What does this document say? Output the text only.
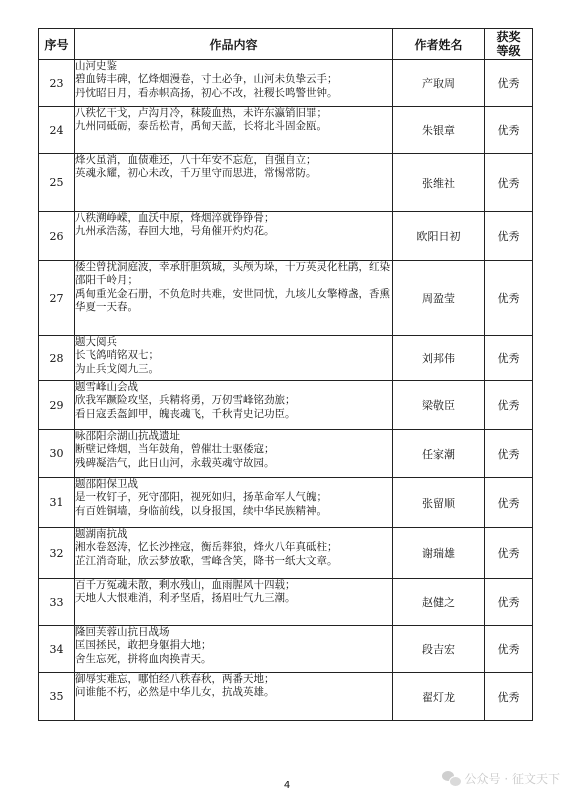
序号	作品内容	作者姓名	获奖
等级

23	山河史鉴
碧血铸丰碑，忆烽烟漫卷，寸土必争，山河未负挚云手；
丹忱昭日月，看赤帜高扬，初心不改，社稷长鸣警世钟。	产取周	优秀
24	八秩忆干戈，卢沟月冷，秣陵血热，未许东瀛销旧罪；
九州同砥砺，泰岳松青，禹甸天蓝，长将北斗固金瓯。	朱银章	优秀
25	烽火虽消，血债难还，八十年安不忘危，自强自立；
英魂永耀，初心未改，千万里守而思进，常惕常防。	张维社	优秀
26	八秩溯峥嵘，血沃中原，烽烟淬就铮铮骨；
九州承浩荡，春回大地，号角催开灼灼花。	欧阳日初	优秀
27	倭尘曾扰洞庭波，幸承肝胆筑城，头颅为垛，十万英灵化杜鹃，红染邵阳千岭月；
禹甸重光金石册，不负危时共难，安世同忧，九垓儿女擎樽盏，香熏华夏一天春。	周盈莹	优秀
28	题大阅兵
长飞鸽哨铭双七；
为止兵戈阅九三。	刘邦伟	优秀
29	题雪峰山会战
欣我军蹶险攻坚，兵精将勇，万仞雪峰铭劲旅；
看日寇丢盔卸甲，魄丧魂飞，千秋青史记功臣。	梁敬臣	优秀
30	咏邵阳佘湖山抗战遗址
断壁记烽烟，当年鼓角，曾催壮士驱倭寇；
残碑凝浩气，此日山河，永载英魂守故园。	任家潮	优秀
31	题邵阳保卫战
是一枚钉子，死守邵阳，视死如归，扬革命军人气魄；
有百姓铜墙，身临前线，以身报国，续中华民族精神。	张留顺	优秀
32	题湖南抗战
湘水卷怒涛，忆长沙挫寇，衡岳葬狼，烽火八年真砥柱；
芷江消奇耻，欣云梦放歌，雪峰含笑，降书一纸大文章。	谢瑞雄	优秀
33	百千万冤魂未散，剩水残山，血雨腥风十四载；
天地人大恨难消，利矛坚盾，扬眉吐气九三潮。	赵健之	优秀
34	隆回芙蓉山抗日战场
匡国拯民，敢把身躯捐大地；
舍生忘死，拼将血肉换青天。	段吉宏	优秀
35	御辱实难忘，哪怕经八秩春秋，两番天地；
问谁能不朽，必然是中华儿女，抗战英雄。	翟灯龙	优秀
4	公众号 · 征文天下
